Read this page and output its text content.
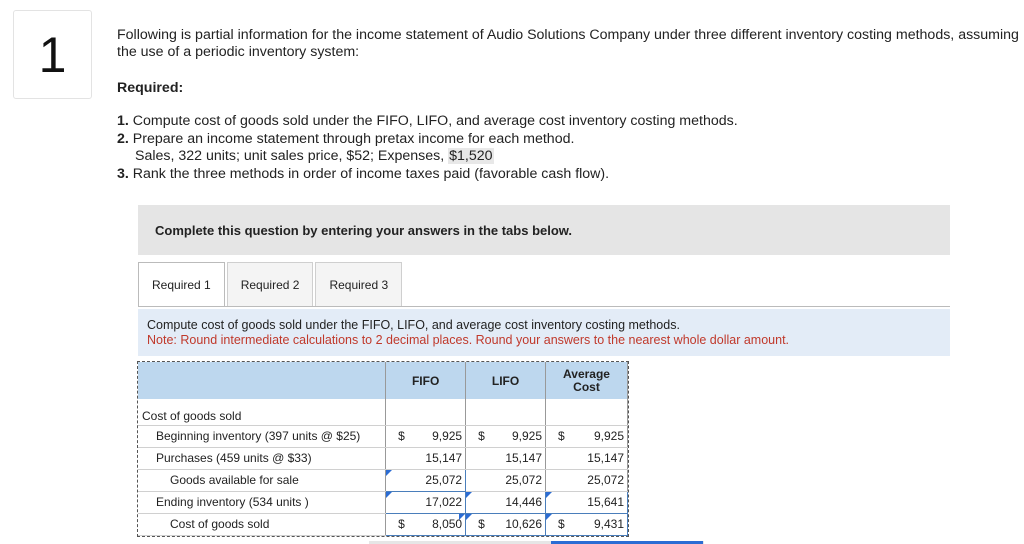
1	Following is partial information for the income statement of Audio Solutions Company under three different inventory costing methods, assuming the use of a periodic inventory system:
Required:
1. Compute cost of goods sold under the FIFO, LIFO, and average cost inventory costing methods.
2. Prepare an income statement through pretax income for each method.
Sales, 322 units; unit sales price, $52; Expenses, $1,520
3. Rank the three methods in order of income taxes paid (favorable cash flow).
Complete this question by entering your answers in the tabs below.
Required 1	Required 2	Required 3
Compute cost of goods sold under the FIFO, LIFO, and average cost inventory costing methods.
Note: Round intermediate calculations to 2 decimal places. Round your answers to the nearest whole dollar amount.
	FIFO	LIFO	Average Cost
Cost of goods sold			
Beginning inventory (397 units @ $25)	$ 9,925	$ 9,925	$ 9,925
Purchases (459 units @ $33)	15,147	15,147	15,147
Goods available for sale	25,072	25,072	25,072
Ending inventory (534 units )	17,022	14,446	15,641
Cost of goods sold	$ 8,050	$ 10,626	$ 9,431
